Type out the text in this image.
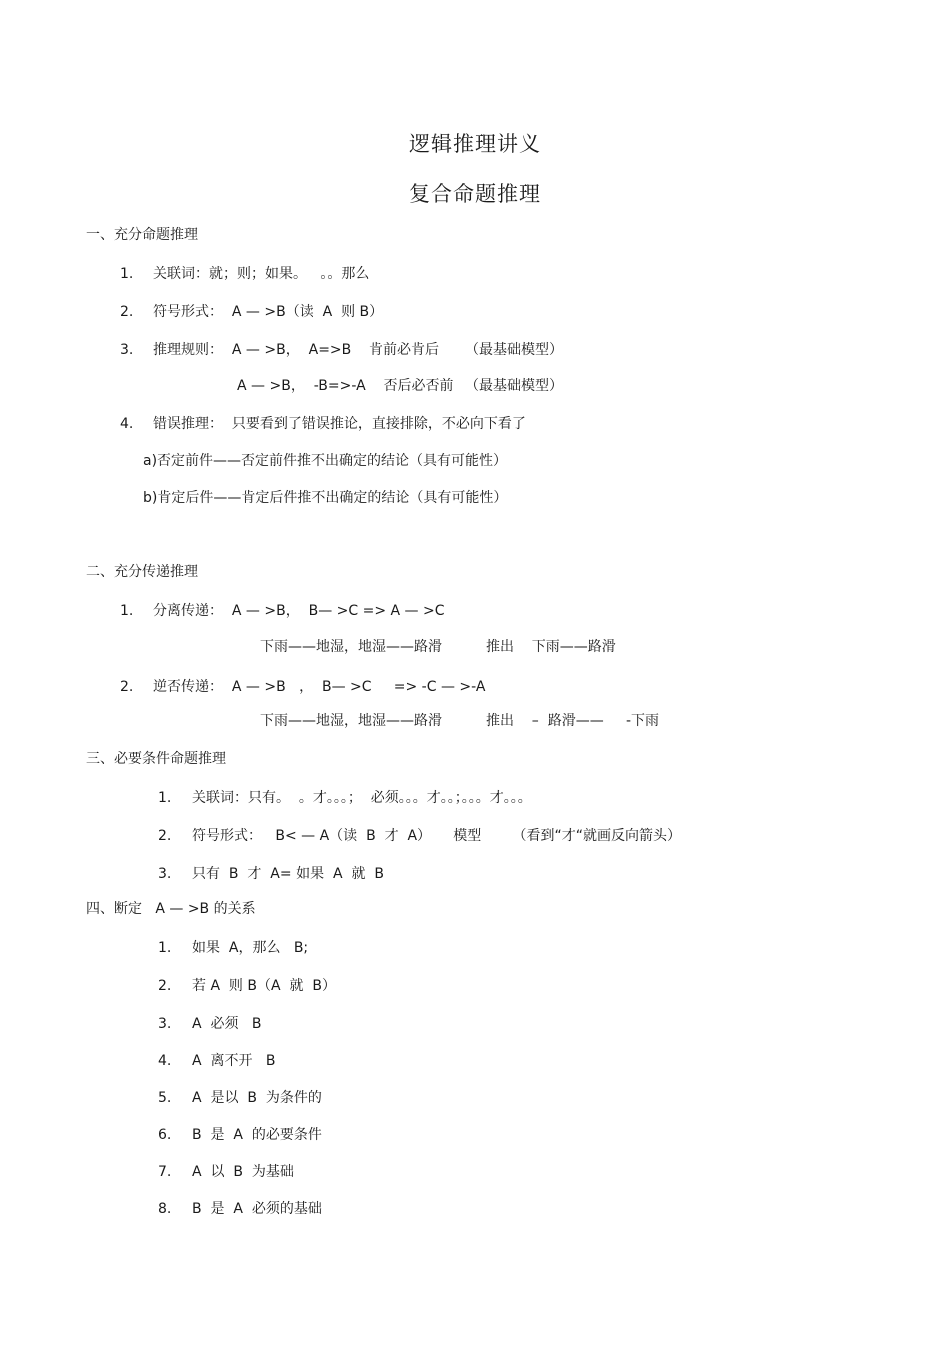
逻辑推理讲义
复合命题推理
一、充分命题推理
1. 关联词：就；则；如果。   。。那么
2. 符号形式：  A — >B（读  A  则 B）
3. 推理规则：  A — >B，  A=>B    肯前必肯后 （最基础模型）
A — >B，  -B=>-A    否后必否前 （最基础模型）
4. 错误推理：  只要看到了错误推论，直接排除，不必向下看了
a)否定前件——否定前件推不出确定的结论（具有可能性）
b)肯定后件——肯定后件推不出确定的结论（具有可能性）
二、充分传递推理
1. 分离传递：  A — >B，  B— >C => A — >C
下雨——地湿，地湿——路滑	推出    下雨——路滑
2. 逆否传递：  A — >B   ，  B— >C     => -C — >-A
下雨——地湿，地湿——路滑	推出    –  路滑——     -下雨
三、必要条件命题推理
1. 关联词：只有。  。才。。。；  必须。。。才。。；。。。才。。。
2. 符号形式：   B< — A（读  B  才  A）     模型       （看到“才“就画反向箭头）
3. 只有  B  才  A= 如果  A  就  B
四、断定   A — >B 的关系
1. 如果  A，那么   B;
2. 若 A  则 B（A  就  B）
3. A  必须   B
4. A  离不开   B
5. A  是以  B  为条件的
6. B  是  A  的必要条件
7. A  以  B  为基础
8. B  是  A  必须的基础
